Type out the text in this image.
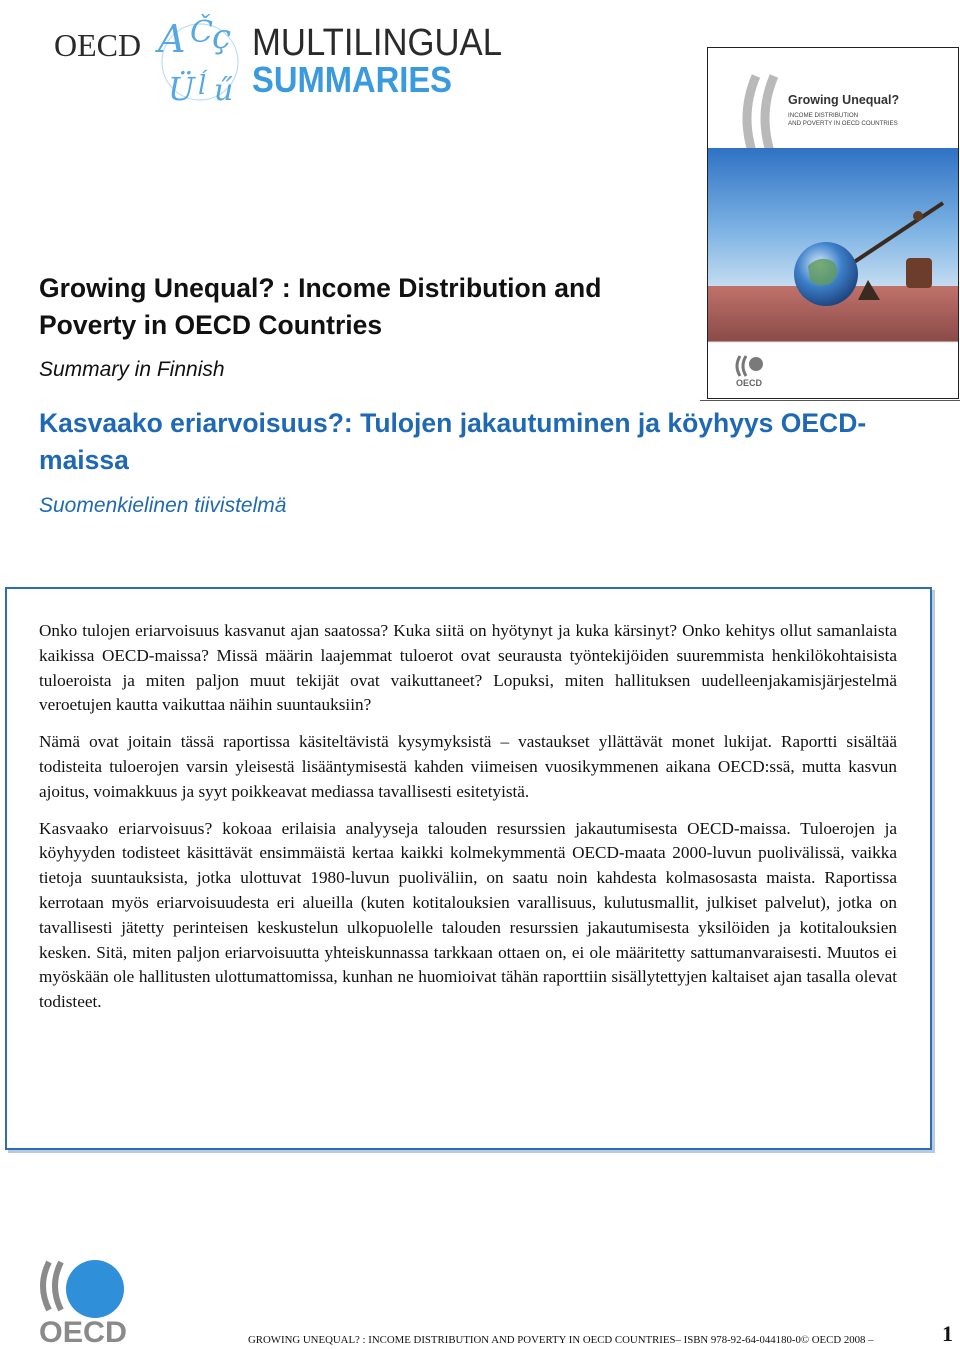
A Č ç
Ü ĺ ű
OECD	MULTILINGUAL
SUMMARIES	Growing Unequal?
INCOME DISTRIBUTION
AND POVERTY IN OECD COUNTRIES
OECD
Growing Unequal? : Income Distribution and Poverty in OECD Countries

Summary in Finnish

Kasvaako eriarvoisuus?: Tulojen jakautuminen ja köyhyys OECD-maissa

Suomenkielinen tiivistelmä

Onko tulojen eriarvoisuus kasvanut ajan saatossa? Kuka siitä on hyötynyt ja kuka kärsinyt? Onko kehitys ollut samanlaista kaikissa OECD-maissa? Missä määrin laajemmat tuloerot ovat seurausta työntekijöiden suuremmista henkilökohtaisista tuloeroista ja miten paljon muut tekijät ovat vaikuttaneet? Lopuksi, miten hallituksen uudelleenjakamisjärjestelmä veroetujen kautta vaikuttaa näihin suuntauksiin?

Nämä ovat joitain tässä raportissa käsiteltävistä kysymyksistä – vastaukset yllättävät monet lukijat. Raportti sisältää todisteita tuloerojen varsin yleisestä lisääntymisestä kahden viimeisen vuosikymmenen aikana OECD:ssä, mutta kasvun ajoitus, voimakkuus ja syyt poikkeavat mediassa tavallisesti esitetyistä.

Kasvaako eriarvoisuus? kokoaa erilaisia analyyseja talouden resurssien jakautumisesta OECD-maissa. Tuloerojen ja köyhyyden todisteet käsittävät ensimmäistä kertaa kaikki kolmekymmentä OECD-maata 2000-luvun puolivälissä, vaikka tietoja suuntauksista, jotka ulottuvat 1980-luvun puoliväliin, on saatu noin kahdesta kolmasosasta maista. Raportissa kerrotaan myös eriarvoisuudesta eri alueilla (kuten kotitalouksien varallisuus, kulutusmallit, julkiset palvelut), jotka on tavallisesti jätetty perinteisen keskustelun ulkopuolelle talouden resurssien jakautumisesta yksilöiden ja kotitalouksien kesken. Sitä, miten paljon eriarvoisuutta yhteiskunnassa tarkkaan ottaen on, ei ole määritetty sattumanvaraisesti. Muutos ei myöskään ole hallitusten ulottumattomissa, kunhan ne huomioivat tähän raporttiin sisällytettyjen kaltaiset ajan tasalla olevat todisteet.

OECD	GROWING UNEQUAL? : INCOME DISTRIBUTION AND POVERTY IN OECD COUNTRIES– ISBN 978-92-64-044180-0© OECD 2008 –	1
